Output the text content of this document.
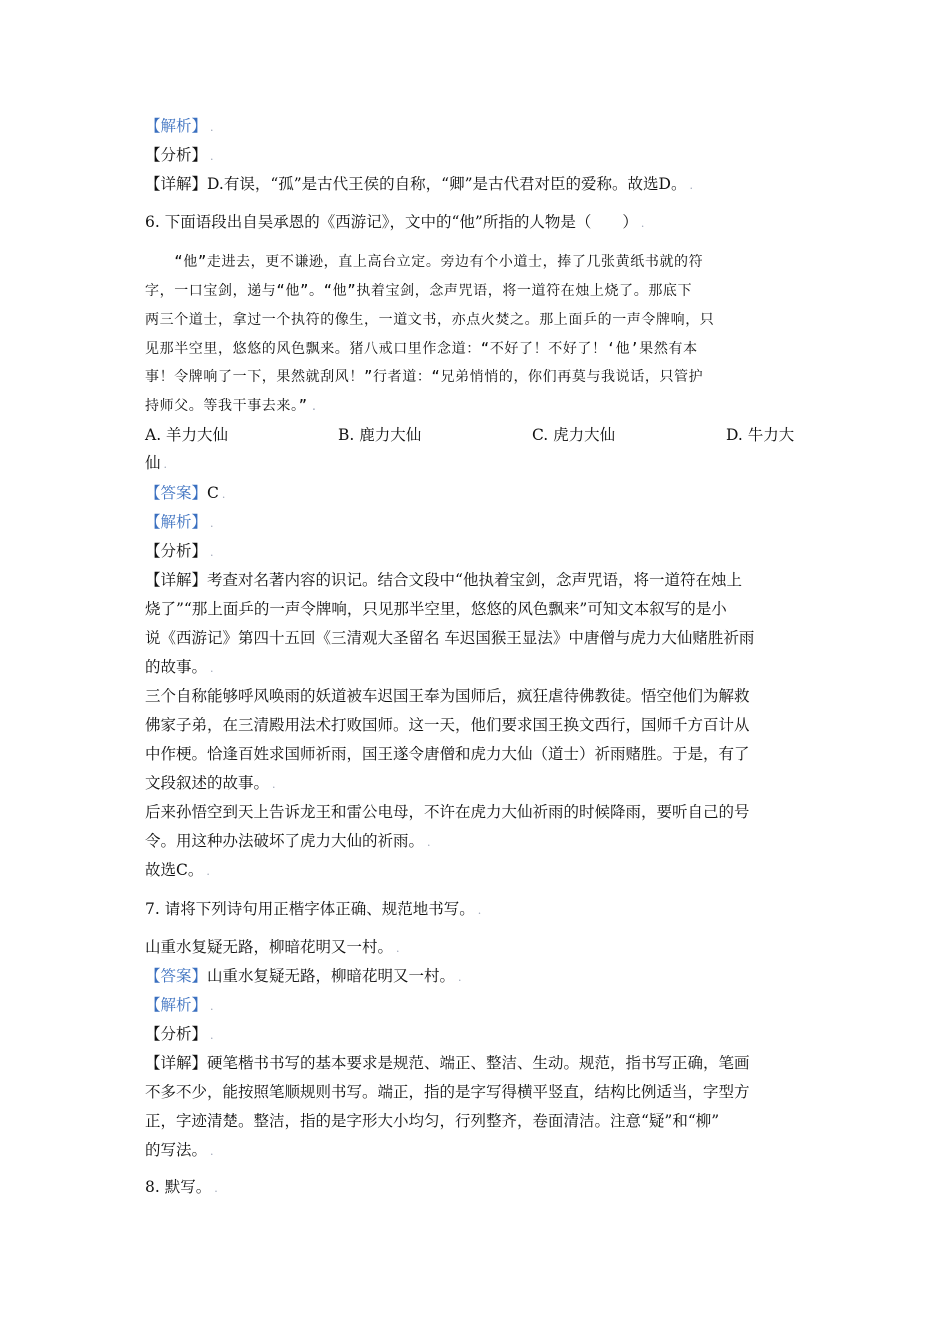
【解析】 .
【分析】 .
【详解】D.有误，“孤”是古代王侯的自称，“卿”是古代君对臣的爱称。故选D。 .
6. 下面语段出自吴承恩的《西游记》，文中的“他”所指的人物是（　　） .
　　“他”走进去，更不谦逊，直上高台立定。旁边有个小道士，捧了几张黄纸书就的符
字，一口宝剑，递与“他”。“他”执着宝剑，念声咒语，将一道符在烛上烧了。那底下
两三个道士，拿过一个执符的像生，一道文书，亦点火焚之。那上面乒的一声令牌响，只
见那半空里，悠悠的风色飘来。猪八戒口里作念道：“不好了！不好了！‘他’果然有本
事！令牌响了一下，果然就刮风！”行者道：“兄弟悄悄的，你们再莫与我说话，只管护
持师父。等我干事去来。” .
A. 羊力大仙	B. 鹿力大仙	C. 虎力大仙	D. 牛力大
仙 .
【答案】C .
【解析】 .
【分析】 .
【详解】考查对名著内容的识记。结合文段中“他执着宝剑，念声咒语，将一道符在烛上
烧了”“那上面乒的一声令牌响，只见那半空里，悠悠的风色飘来”可知文本叙写的是小
说《西游记》第四十五回《三清观大圣留名 车迟国猴王显法》中唐僧与虎力大仙赌胜祈雨
的故事。 .
三个自称能够呼风唤雨的妖道被车迟国王奉为国师后，疯狂虐待佛教徒。悟空他们为解救
佛家子弟，在三清殿用法术打败国师。这一天，他们要求国王换文西行，国师千方百计从
中作梗。恰逢百姓求国师祈雨，国王遂令唐僧和虎力大仙（道士）祈雨赌胜。于是，有了
文段叙述的故事。 .
后来孙悟空到天上告诉龙王和雷公电母，不许在虎力大仙祈雨的时候降雨，要听自己的号
令。用这种办法破坏了虎力大仙的祈雨。 .
故选C。 .
7. 请将下列诗句用正楷字体正确、规范地书写。 .
山重水复疑无路，柳暗花明又一村。 .
【答案】山重水复疑无路，柳暗花明又一村。 .
【解析】 .
【分析】 .
【详解】硬笔楷书书写的基本要求是规范、端正、整洁、生动。规范，指书写正确，笔画
不多不少，能按照笔顺规则书写。端正，指的是字写得横平竖直，结构比例适当，字型方
正，字迹清楚。整洁，指的是字形大小均匀，行列整齐，卷面清洁。注意“疑”和“柳”
的写法。 .
8. 默写。 .
